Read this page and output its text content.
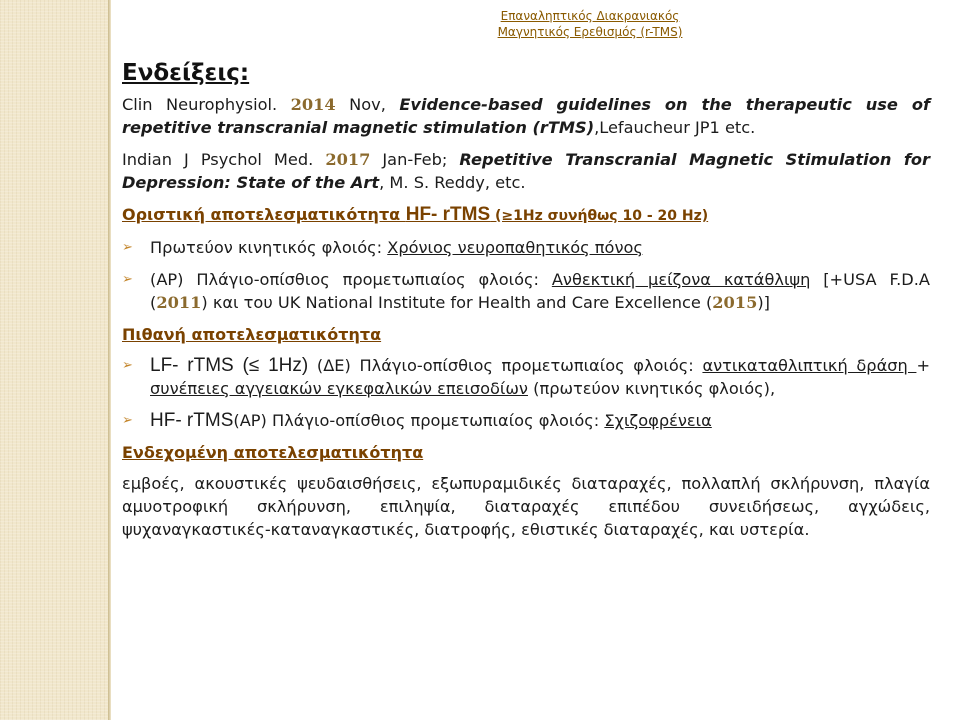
Επαναληπτικός Διακρανιακός
Μαγνητικός Ερεθισμός (r-TMS)
Ενδείξεις:

Clin Neurophysiol. 2014 Nov, Evidence-based guidelines on the therapeutic use of repetitive transcranial magnetic stimulation (rTMS),Lefaucheur JP1 etc.

Indian J Psychol Med. 2017 Jan-Feb; Repetitive Transcranial Magnetic Stimulation for Depression: State of the Art, M. S. Reddy, etc.

Οριστική αποτελεσματικότητα HF- rTMS (≥1Hz συνήθως 10 - 20 Hz)
➢ Πρωτεύον κινητικός φλοιός: Χρόνιος νευροπαθητικός πόνος
➢ (ΑΡ) Πλάγιο-οπίσθιος προμετωπιαίος φλοιός: Ανθεκτική μείζονα κατάθλιψη [+USA F.D.A (2011) και του UK National Institute for Health and Care Excellence (2015)]
Πιθανή αποτελεσματικότητα
➢ LF- rTMS (≤ 1Hz) (ΔΕ) Πλάγιο-οπίσθιος προμετωπιαίος φλοιός: αντικαταθλιπτική δράση + συνέπειες αγγειακών εγκεφαλικών επεισοδίων (πρωτεύον κινητικός φλοιός),
➢ HF- rTMS(ΑΡ) Πλάγιο-οπίσθιος προμετωπιαίος φλοιός: Σχιζοφρένεια
Ενδεχομένη αποτελεσματικότητα

εμβοές, ακουστικές ψευδαισθήσεις, εξωπυραμιδικές διαταραχές, πολλαπλή σκλήρυνση, πλαγία αμυοτροφική σκλήρυνση, επιληψία, διαταραχές επιπέδου συνειδήσεως, αγχώδεις, ψυχαναγκαστικές-καταναγκαστικές, διατροφής, εθιστικές διαταραχές, και υστερία.
